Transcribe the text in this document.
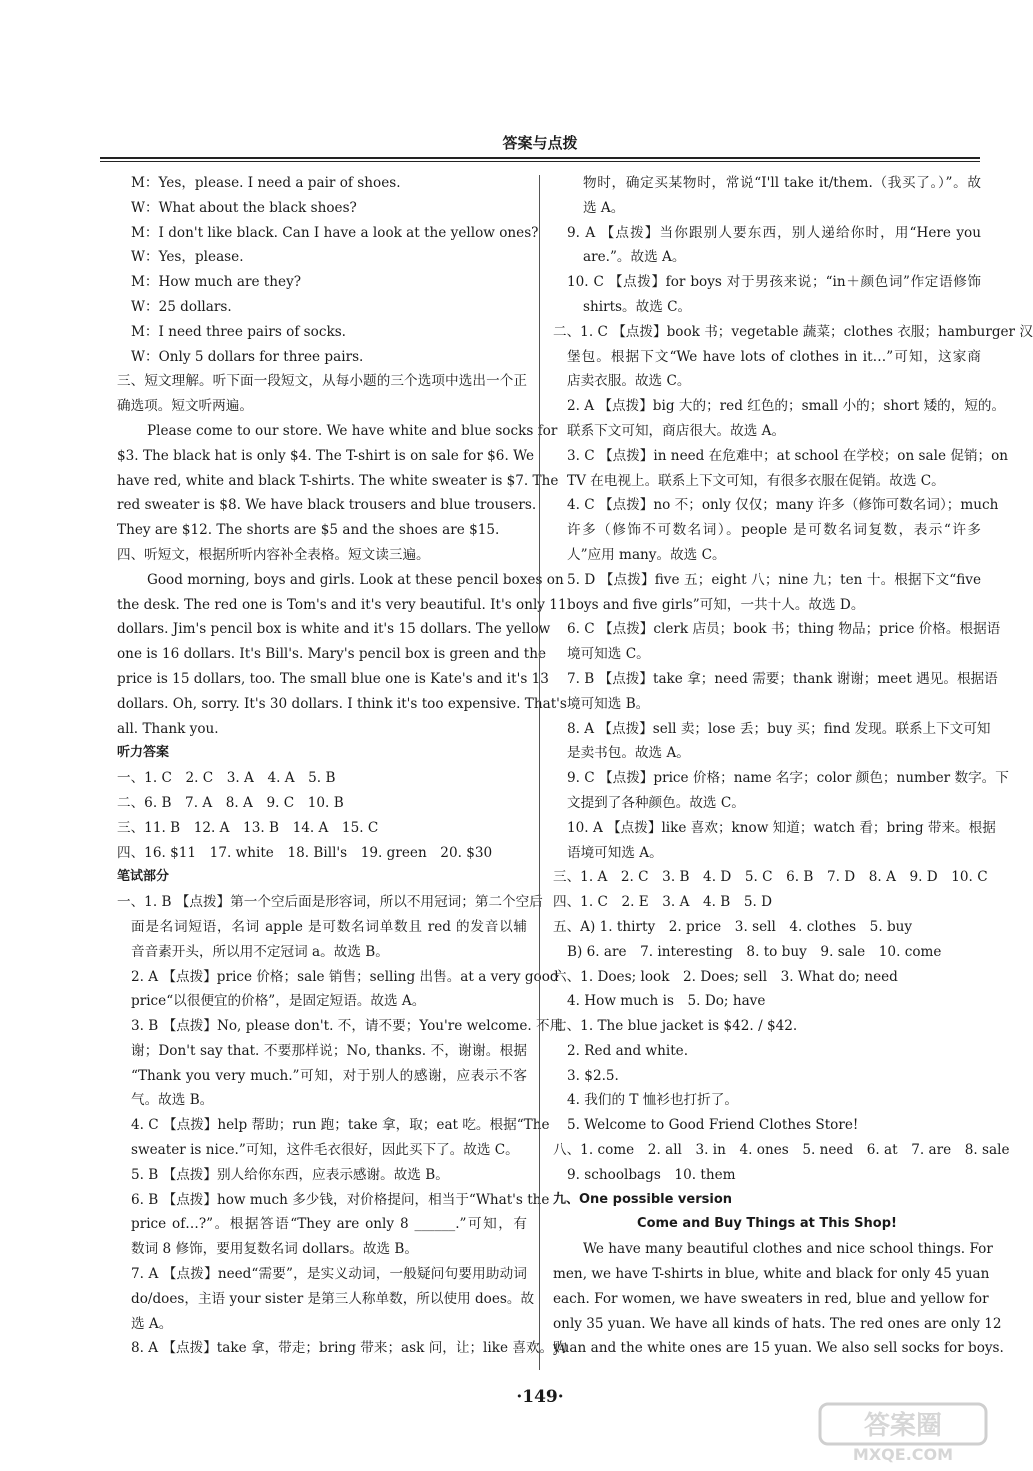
答案与点拨
M：Yes，please. I need a pair of shoes.
W：What about the black shoes?
M：I don't like black. Can I have a look at the yellow ones?
W：Yes，please.
M：How much are they?
W：25 dollars.
M：I need three pairs of socks.
W：Only 5 dollars for three pairs.
三、短文理解。听下面一段短文，从每小题的三个选项中选出一个正
确选项。短文听两遍。
Please come to our store. We have white and blue socks for
$3. The black hat is only $4. The T-shirt is on sale for $6. We
have red, white and black T-shirts. The white sweater is $7. The
red sweater is $8. We have black trousers and blue trousers.
They are $12. The shorts are $5 and the shoes are $15.
四、听短文，根据所听内容补全表格。短文读三遍。
Good morning, boys and girls. Look at these pencil boxes on
the desk. The red one is Tom's and it's very beautiful. It's only 11
dollars. Jim's pencil box is white and it's 15 dollars. The yellow
one is 16 dollars. It's Bill's. Mary's pencil box is green and the
price is 15 dollars, too. The small blue one is Kate's and it's 13
dollars. Oh, sorry. It's 30 dollars. I think it's too expensive. That's
all. Thank you.
听力答案
一、1. C　2. C　3. A　4. A　5. B
二、6. B　7. A　8. A　9. C　10. B
三、11. B　12. A　13. B　14. A　15. C
四、16. $11　17. white　18. Bill's　19. green　20. $30
笔试部分
一、1. B 【点拨】第一个空后面是形容词，所以不用冠词；第二个空后
面是名词短语，名词 apple 是可数名词单数且 red 的发音以辅
音音素开头，所以用不定冠词 a。故选 B。
2. A 【点拨】price 价格；sale 销售；selling 出售。at a very good
price“以很便宜的价格”，是固定短语。故选 A。
3. B 【点拨】No, please don't. 不，请不要；You're welcome. 不用
谢；Don't say that. 不要那样说；No, thanks. 不，谢谢。根据
“Thank you very much.”可知，对于别人的感谢，应表示不客
气。故选 B。
4. C 【点拨】help 帮助；run 跑；take 拿，取；eat 吃。根据“The
sweater is nice.”可知，这件毛衣很好，因此买下了。故选 C。
5. B 【点拨】别人给你东西，应表示感谢。故选 B。
6. B 【点拨】how much 多少钱，对价格提问，相当于“What's the
price of…?”。根据答语“They are only 8 ______.”可知，有
数词 8 修饰，要用复数名词 dollars。故选 B。
7. A 【点拨】need“需要”，是实义动词，一般疑问句要用助动词
do/does，主语 your sister 是第三人称单数，所以使用 does。故
选 A。
8. A 【点拨】take 拿，带走；bring 带来；ask 问，让；like 喜欢。购
物时，确定买某物时，常说“I'll take it/them.（我买了。）”。故
选 A。
9. A 【点拨】当你跟别人要东西，别人递给你时，用“Here you
are.”。故选 A。
10. C 【点拨】for boys 对于男孩来说；“in＋颜色词”作定语修饰
shirts。故选 C。
二、1. C 【点拨】book 书；vegetable 蔬菜；clothes 衣服；hamburger 汉
堡包。根据下文“We have lots of clothes in it…”可知，这家商
店卖衣服。故选 C。
2. A 【点拨】big 大的；red 红色的；small 小的；short 矮的，短的。
联系下文可知，商店很大。故选 A。
3. C 【点拨】in need 在危难中；at school 在学校；on sale 促销；on
TV 在电视上。联系上下文可知，有很多衣服在促销。故选 C。
4. C 【点拨】no 不；only 仅仅；many 许多（修饰可数名词）；much
许多（修饰不可数名词）。people 是可数名词复数，表示“许多
人”应用 many。故选 C。
5. D 【点拨】five 五；eight 八；nine 九；ten 十。根据下文“five
boys and five girls”可知，一共十人。故选 D。
6. C 【点拨】clerk 店员；book 书；thing 物品；price 价格。根据语
境可知选 C。
7. B 【点拨】take 拿；need 需要；thank 谢谢；meet 遇见。根据语
境可知选 B。
8. A 【点拨】sell 卖；lose 丢；buy 买；find 发现。联系上下文可知
是卖书包。故选 A。
9. C 【点拨】price 价格；name 名字；color 颜色；number 数字。下
文提到了各种颜色。故选 C。
10. A 【点拨】like 喜欢；know 知道；watch 看；bring 带来。根据
语境可知选 A。
三、1. A　2. C　3. B　4. D　5. C　6. B　7. D　8. A　9. D　10. C
四、1. C　2. E　3. A　4. B　5. D
五、A) 1. thirty　2. price　3. sell　4. clothes　5. buy
B) 6. are　7. interesting　8. to buy　9. sale　10. come
六、1. Does; look　2. Does; sell　3. What do; need
4. How much is　5. Do; have
七、1. The blue jacket is $42. / $42.
2. Red and white.
3. $2.5.
4. 我们的 T 恤衫也打折了。
5. Welcome to Good Friend Clothes Store!
八、1. come　2. all　3. in　4. ones　5. need　6. at　7. are　8. sale
9. schoolbags　10. them
九、One possible version
Come and Buy Things at This Shop!
We have many beautiful clothes and nice school things. For
men, we have T-shirts in blue, white and black for only 45 yuan
each. For women, we have sweaters in red, blue and yellow for
only 35 yuan. We have all kinds of hats. The red ones are only 12
yuan and the white ones are 15 yuan. We also sell socks for boys.
·149·
答案圈
MXQE.COM
